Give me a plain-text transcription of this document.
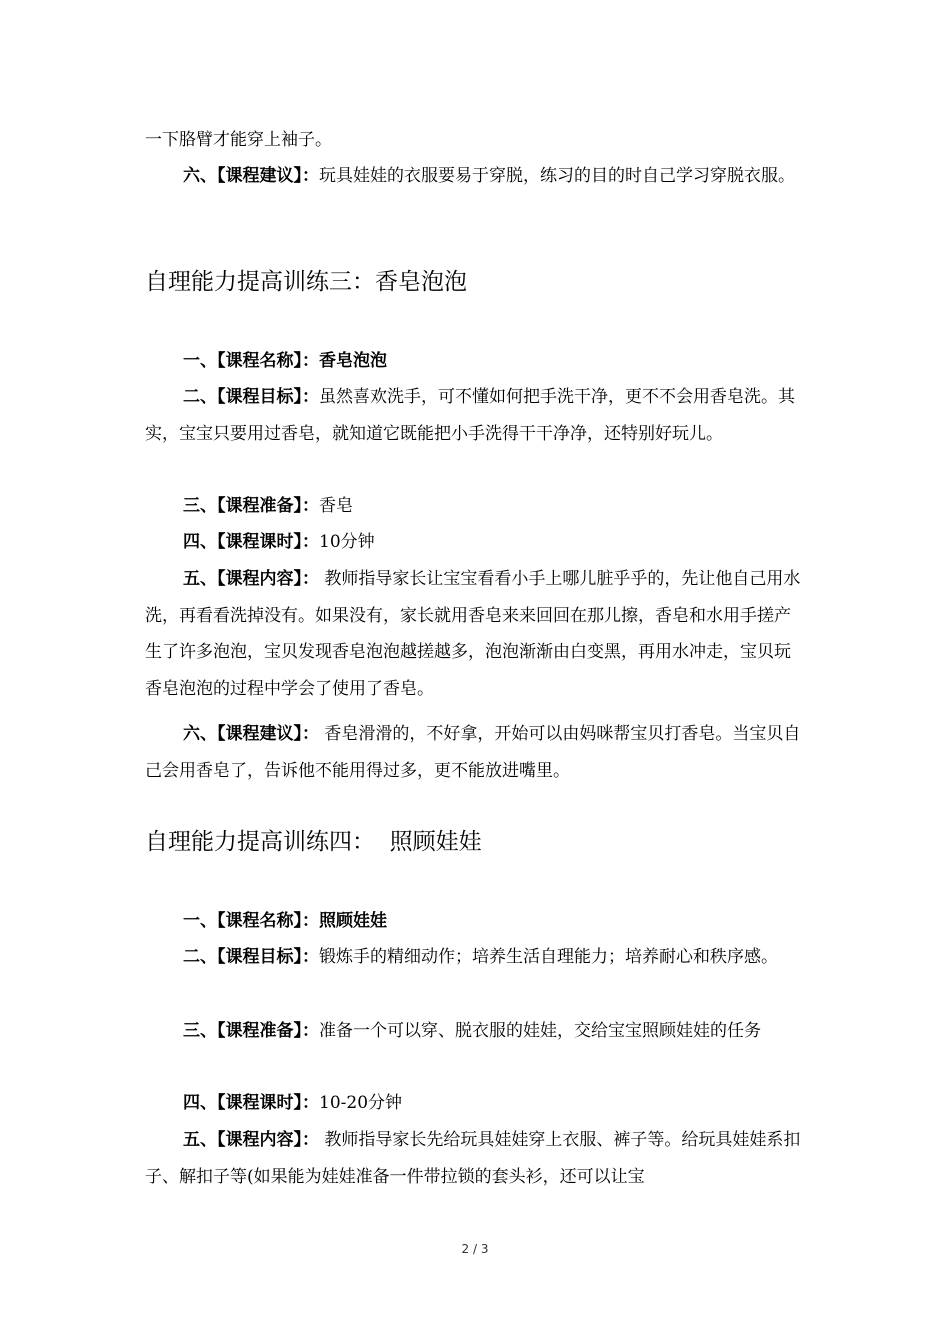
一下胳臂才能穿上袖子。

六、【课程建议】：玩具娃娃的衣服要易于穿脱，练习的目的时自己学习穿脱衣服。

自理能力提高训练三：香皂泡泡

一、【课程名称】：香皂泡泡

二、【课程目标】：虽然喜欢洗手，可不懂如何把手洗干净，更不不会用香皂洗。其实，宝宝只要用过香皂，就知道它既能把小手洗得干干净净，还特别好玩儿。

三、【课程准备】：香皂

四、【课程课时】：10分钟

五、【课程内容】： 教师指导家长让宝宝看看小手上哪儿脏乎乎的，先让他自己用水洗，再看看洗掉没有。如果没有，家长就用香皂来来回回在那儿擦，香皂和水用手搓产生了许多泡泡，宝贝发现香皂泡泡越搓越多，泡泡渐渐由白变黑，再用水冲走，宝贝玩香皂泡泡的过程中学会了使用了香皂。

六、【课程建议】： 香皂滑滑的，不好拿，开始可以由妈咪帮宝贝打香皂。当宝贝自己会用香皂了，告诉他不能用得过多，更不能放进嘴里。

自理能力提高训练四：  照顾娃娃

一、【课程名称】：照顾娃娃

二、【课程目标】：锻炼手的精细动作；培养生活自理能力；培养耐心和秩序感。

三、【课程准备】：准备一个可以穿、脱衣服的娃娃，交给宝宝照顾娃娃的任务

四、【课程课时】：10-20分钟

五、【课程内容】： 教师指导家长先给玩具娃娃穿上衣服、裤子等。给玩具娃娃系扣子、解扣子等(如果能为娃娃准备一件带拉锁的套头衫，还可以让宝

2 / 3
